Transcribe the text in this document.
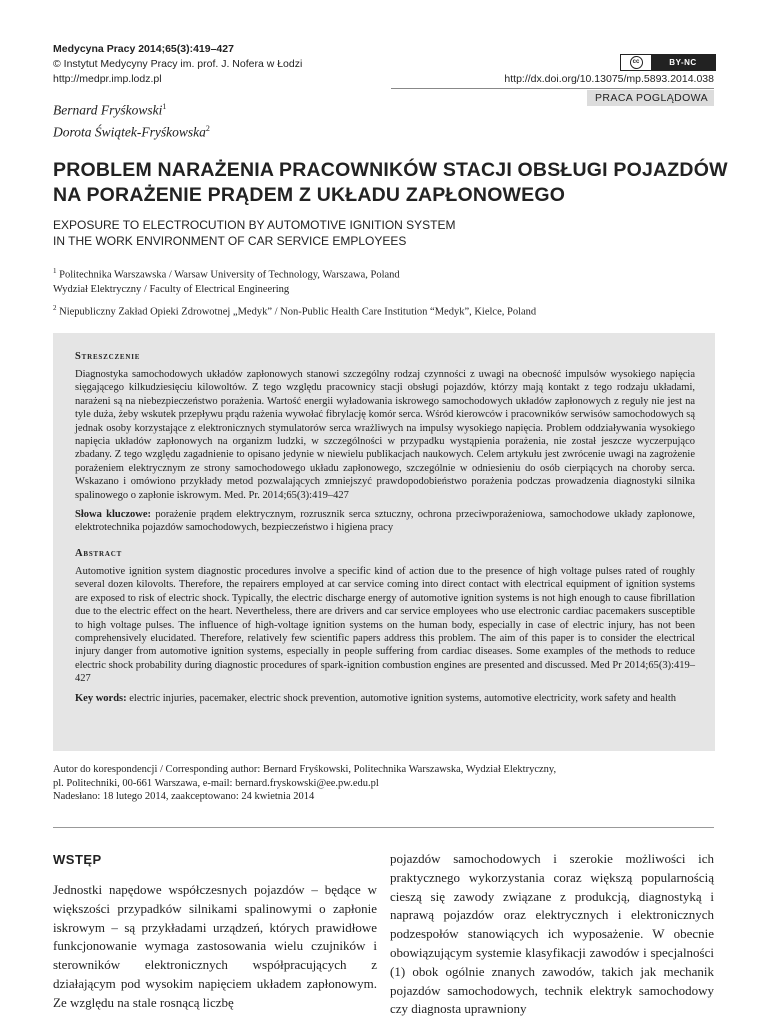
Medycyna Pracy 2014;65(3):419–427
© Instytut Medycyny Pracy im. prof. J. Nofera w Łodzi
http://medpr.imp.lodz.pl
cc	BY-NC
http://dx.doi.org/10.13075/mp.5893.2014.038
PRACA POGLĄDOWA
Bernard Fryśkowski$^1$
Dorota Świątek-Fryśkowska$^2$
PROBLEM NARAŻENIA PRACOWNIKÓW STACJI OBSŁUGI POJAZDÓW
NA PORAŻENIE PRĄDEM Z UKŁADU ZAPŁONOWEGO
EXPOSURE TO ELECTROCUTION BY AUTOMOTIVE IGNITION SYSTEM
IN THE WORK ENVIRONMENT OF CAR SERVICE EMPLOYEES
$^1$ Politechnika Warszawska / Warsaw University of Technology, Warszawa, Poland
Wydział Elektryczny / Faculty of Electrical Engineering
$^2$ Niepubliczny Zakład Opieki Zdrowotnej „Medyk” / Non-Public Health Care Institution “Medyk”, Kielce, Poland
Streszczenie
Diagnostyka samochodowych układów zapłonowych stanowi szczególny rodzaj czynności z uwagi na obecność impulsów wysokiego napięcia sięgającego kilkudziesięciu kilowoltów. Z tego względu pracownicy stacji obsługi pojazdów, którzy mają kontakt z tego rodzaju układami, narażeni są na niebezpieczeństwo porażenia. Wartość energii wyładowania iskrowego samochodowych układów zapłonowych z reguły nie jest na tyle duża, żeby wskutek przepływu prądu rażenia wywołać fibrylację komór serca. Wśród kierowców i pracowników serwisów samochodowych są jednak osoby korzystające z elektronicznych stymulatorów serca wrażliwych na impulsy wysokiego napięcia. Problem oddziaływania wysokiego napięcia układów zapłonowych na organizm ludzki, w szczególności w przypadku wystąpienia porażenia, nie został jeszcze wyczerpująco zbadany. Z tego względu zagadnienie to opisano jedynie w niewielu publikacjach naukowych. Celem artykułu jest zwrócenie uwagi na zagrożenie porażeniem elektrycznym ze strony samochodowego układu zapłonowego, szczególnie w odniesieniu do osób cierpiących na choroby serca. Wskazano i omówiono przykłady metod pozwalających zmniejszyć prawdopodobieństwo porażenia podczas prowadzenia diagnostyki silnika spalinowego o zapłonie iskrowym. Med. Pr. 2014;65(3):419–427
Słowa kluczowe: porażenie prądem elektrycznym, rozrusznik serca sztuczny, ochrona przeciwporażeniowa, samochodowe układy zapłonowe, elektrotechnika pojazdów samochodowych, bezpieczeństwo i higiena pracy
Abstract
Automotive ignition system diagnostic procedures involve a specific kind of action due to the presence of high voltage pulses rated of roughly several dozen kilovolts. Therefore, the repairers employed at car service coming into direct contact with electrical equipment of ignition systems are exposed to risk of electric shock. Typically, the electric discharge energy of automotive ignition systems is not high enough to cause fibrillation due to the electric effect on the heart. Nevertheless, there are drivers and car service employees who use electronic cardiac pacemakers susceptible to high voltage pulses. The influence of high-voltage ignition systems on the human body, especially in case of electric injury, has not been comprehensively elucidated. Therefore, relatively few scientific papers address this problem. The aim of this paper is to consider the electrical injury danger from automotive ignition systems, especially in people suffering from cardiac diseases. Some examples of the methods to reduce electric shock probability during diagnostic procedures of spark-ignition combustion engines are presented and discussed. Med Pr 2014;65(3):419–427
Key words: electric injuries, pacemaker, electric shock prevention, automotive ignition systems, automotive electricity, work safety and health
Autor do korespondencji / Corresponding author: Bernard Fryśkowski, Politechnika Warszawska, Wydział Elektryczny,
pl. Politechniki, 00-661 Warszawa, e-mail: bernard.fryskowski@ee.pw.edu.pl
Nadesłano: 18 lutego 2014, zaakceptowano: 24 kwietnia 2014
WSTĘP
Jednostki napędowe współczesnych pojazdów – będące w większości przypadków silnikami spalinowymi o zapłonie iskrowym – są przykładami urządzeń, których prawidłowe funkcjonowanie wymaga zastosowania wielu czujników i sterowników elektronicznych współpracujących z działającym pod wysokim napięciem układem zapłonowym. Ze względu na stale rosnącą liczbę
pojazdów samochodowych i szerokie możliwości ich praktycznego wykorzystania coraz większą popularnością cieszą się zawody związane z produkcją, diagnostyką i naprawą pojazdów oraz elektrycznych i elektronicznych podzespołów stanowiących ich wyposażenie. W obecnie obowiązującym systemie klasyfikacji zawodów i specjalności (1) obok ogólnie znanych zawodów, takich jak mechanik pojazdów samochodowych, technik elektryk samochodowy czy diagnosta uprawniony
